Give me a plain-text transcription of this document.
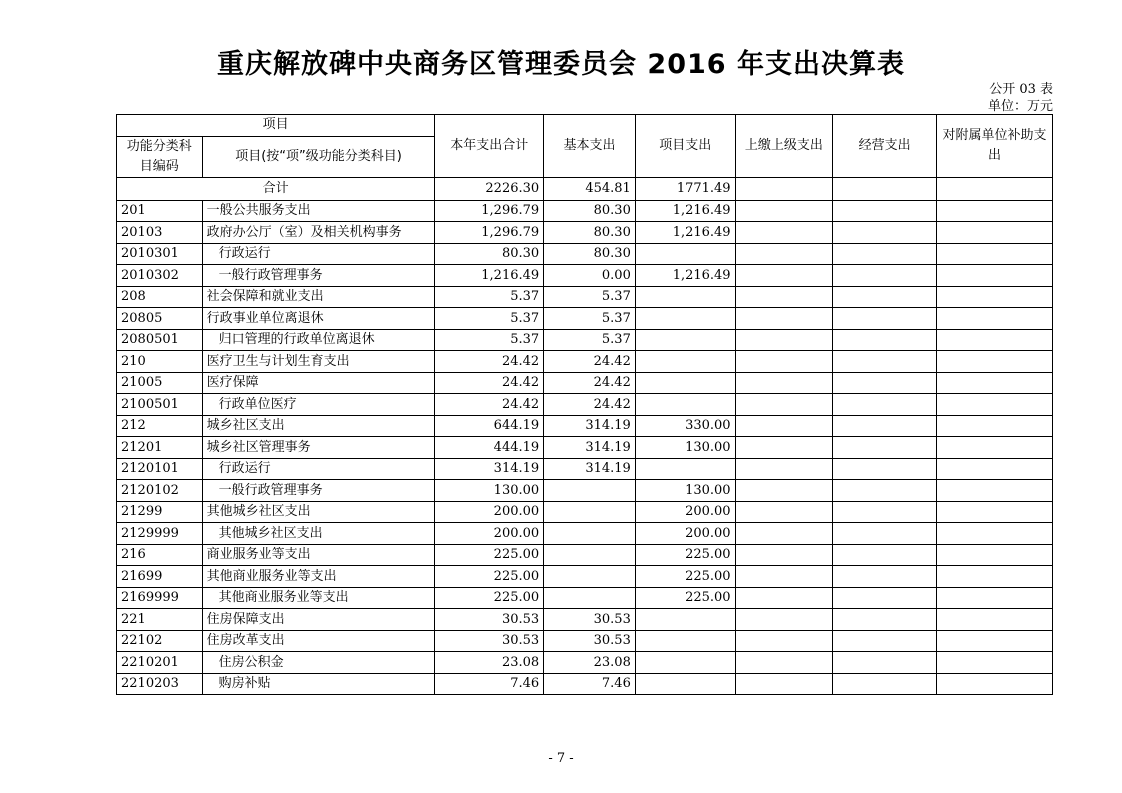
重庆解放碑中央商务区管理委员会 2016 年支出决算表
公开 03 表
单位：万元
项目		本年支出合计	基本支出	项目支出	上缴上级支出	经营支出	对附属单位补助支出
功能分类科目编码	项目(按“项”级功能分类科目)						
合计		2226.30	454.81	1771.49			
201	一般公共服务支出	1,296.79	80.30	1,216.49			
20103	政府办公厅（室）及相关机构事务	1,296.79	80.30	1,216.49			
2010301	行政运行	80.30	80.30				
2010302	一般行政管理事务	1,216.49	0.00	1,216.49			
208	社会保障和就业支出	5.37	5.37				
20805	行政事业单位离退休	5.37	5.37				
2080501	归口管理的行政单位离退休	5.37	5.37				
210	医疗卫生与计划生育支出	24.42	24.42				
21005	医疗保障	24.42	24.42				
2100501	行政单位医疗	24.42	24.42				
212	城乡社区支出	644.19	314.19	330.00			
21201	城乡社区管理事务	444.19	314.19	130.00			
2120101	行政运行	314.19	314.19				
2120102	一般行政管理事务	130.00		130.00			
21299	其他城乡社区支出	200.00		200.00			
2129999	其他城乡社区支出	200.00		200.00			
216	商业服务业等支出	225.00		225.00			
21699	其他商业服务业等支出	225.00		225.00			
2169999	其他商业服务业等支出	225.00		225.00			
221	住房保障支出	30.53	30.53				
22102	住房改革支出	30.53	30.53				
2210201	住房公积金	23.08	23.08				
2210203	购房补贴	7.46	7.46				
- 7 -
